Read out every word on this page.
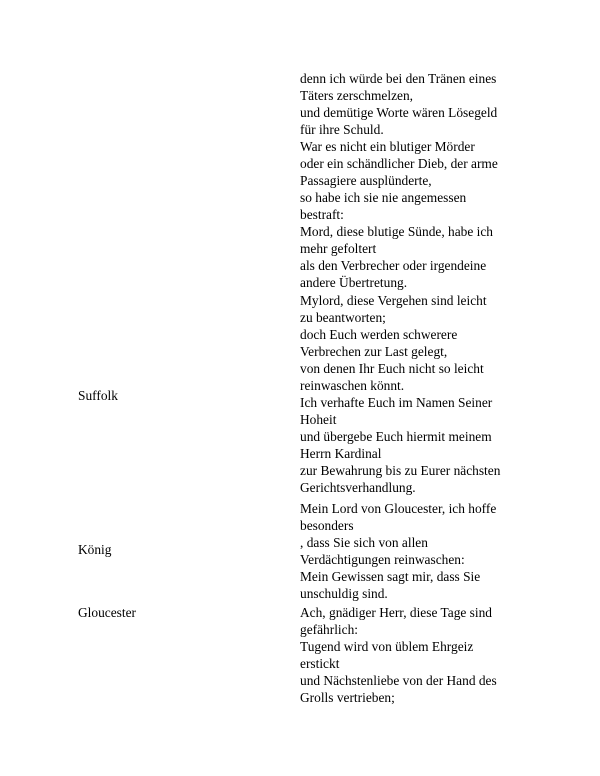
denn ich würde bei den Tränen eines
Täters zerschmelzen,
und demütige Worte wären Lösegeld
für ihre Schuld.
War es nicht ein blutiger Mörder
oder ein schändlicher Dieb, der arme
Passagiere ausplünderte,
so habe ich sie nie angemessen
bestraft:
Mord, diese blutige Sünde, habe ich
mehr gefoltert
als den Verbrecher oder irgendeine
andere Übertretung.
Suffolk
Mylord, diese Vergehen sind leicht
zu beantworten;
doch Euch werden schwerere
Verbrechen zur Last gelegt,
von denen Ihr Euch nicht so leicht
reinwaschen könnt.
Ich verhafte Euch im Namen Seiner
Hoheit
und übergebe Euch hiermit meinem
Herrn Kardinal
zur Bewahrung bis zu Eurer nächsten
Gerichtsverhandlung.
König
Mein Lord von Gloucester, ich hoffe
besonders
, dass Sie sich von allen
Verdächtigungen reinwaschen:
Mein Gewissen sagt mir, dass Sie
unschuldig sind.
Gloucester	Ach, gnädiger Herr, diese Tage sind
gefährlich:
Tugend wird von üblem Ehrgeiz
erstickt
und Nächstenliebe von der Hand des
Grolls vertrieben;
